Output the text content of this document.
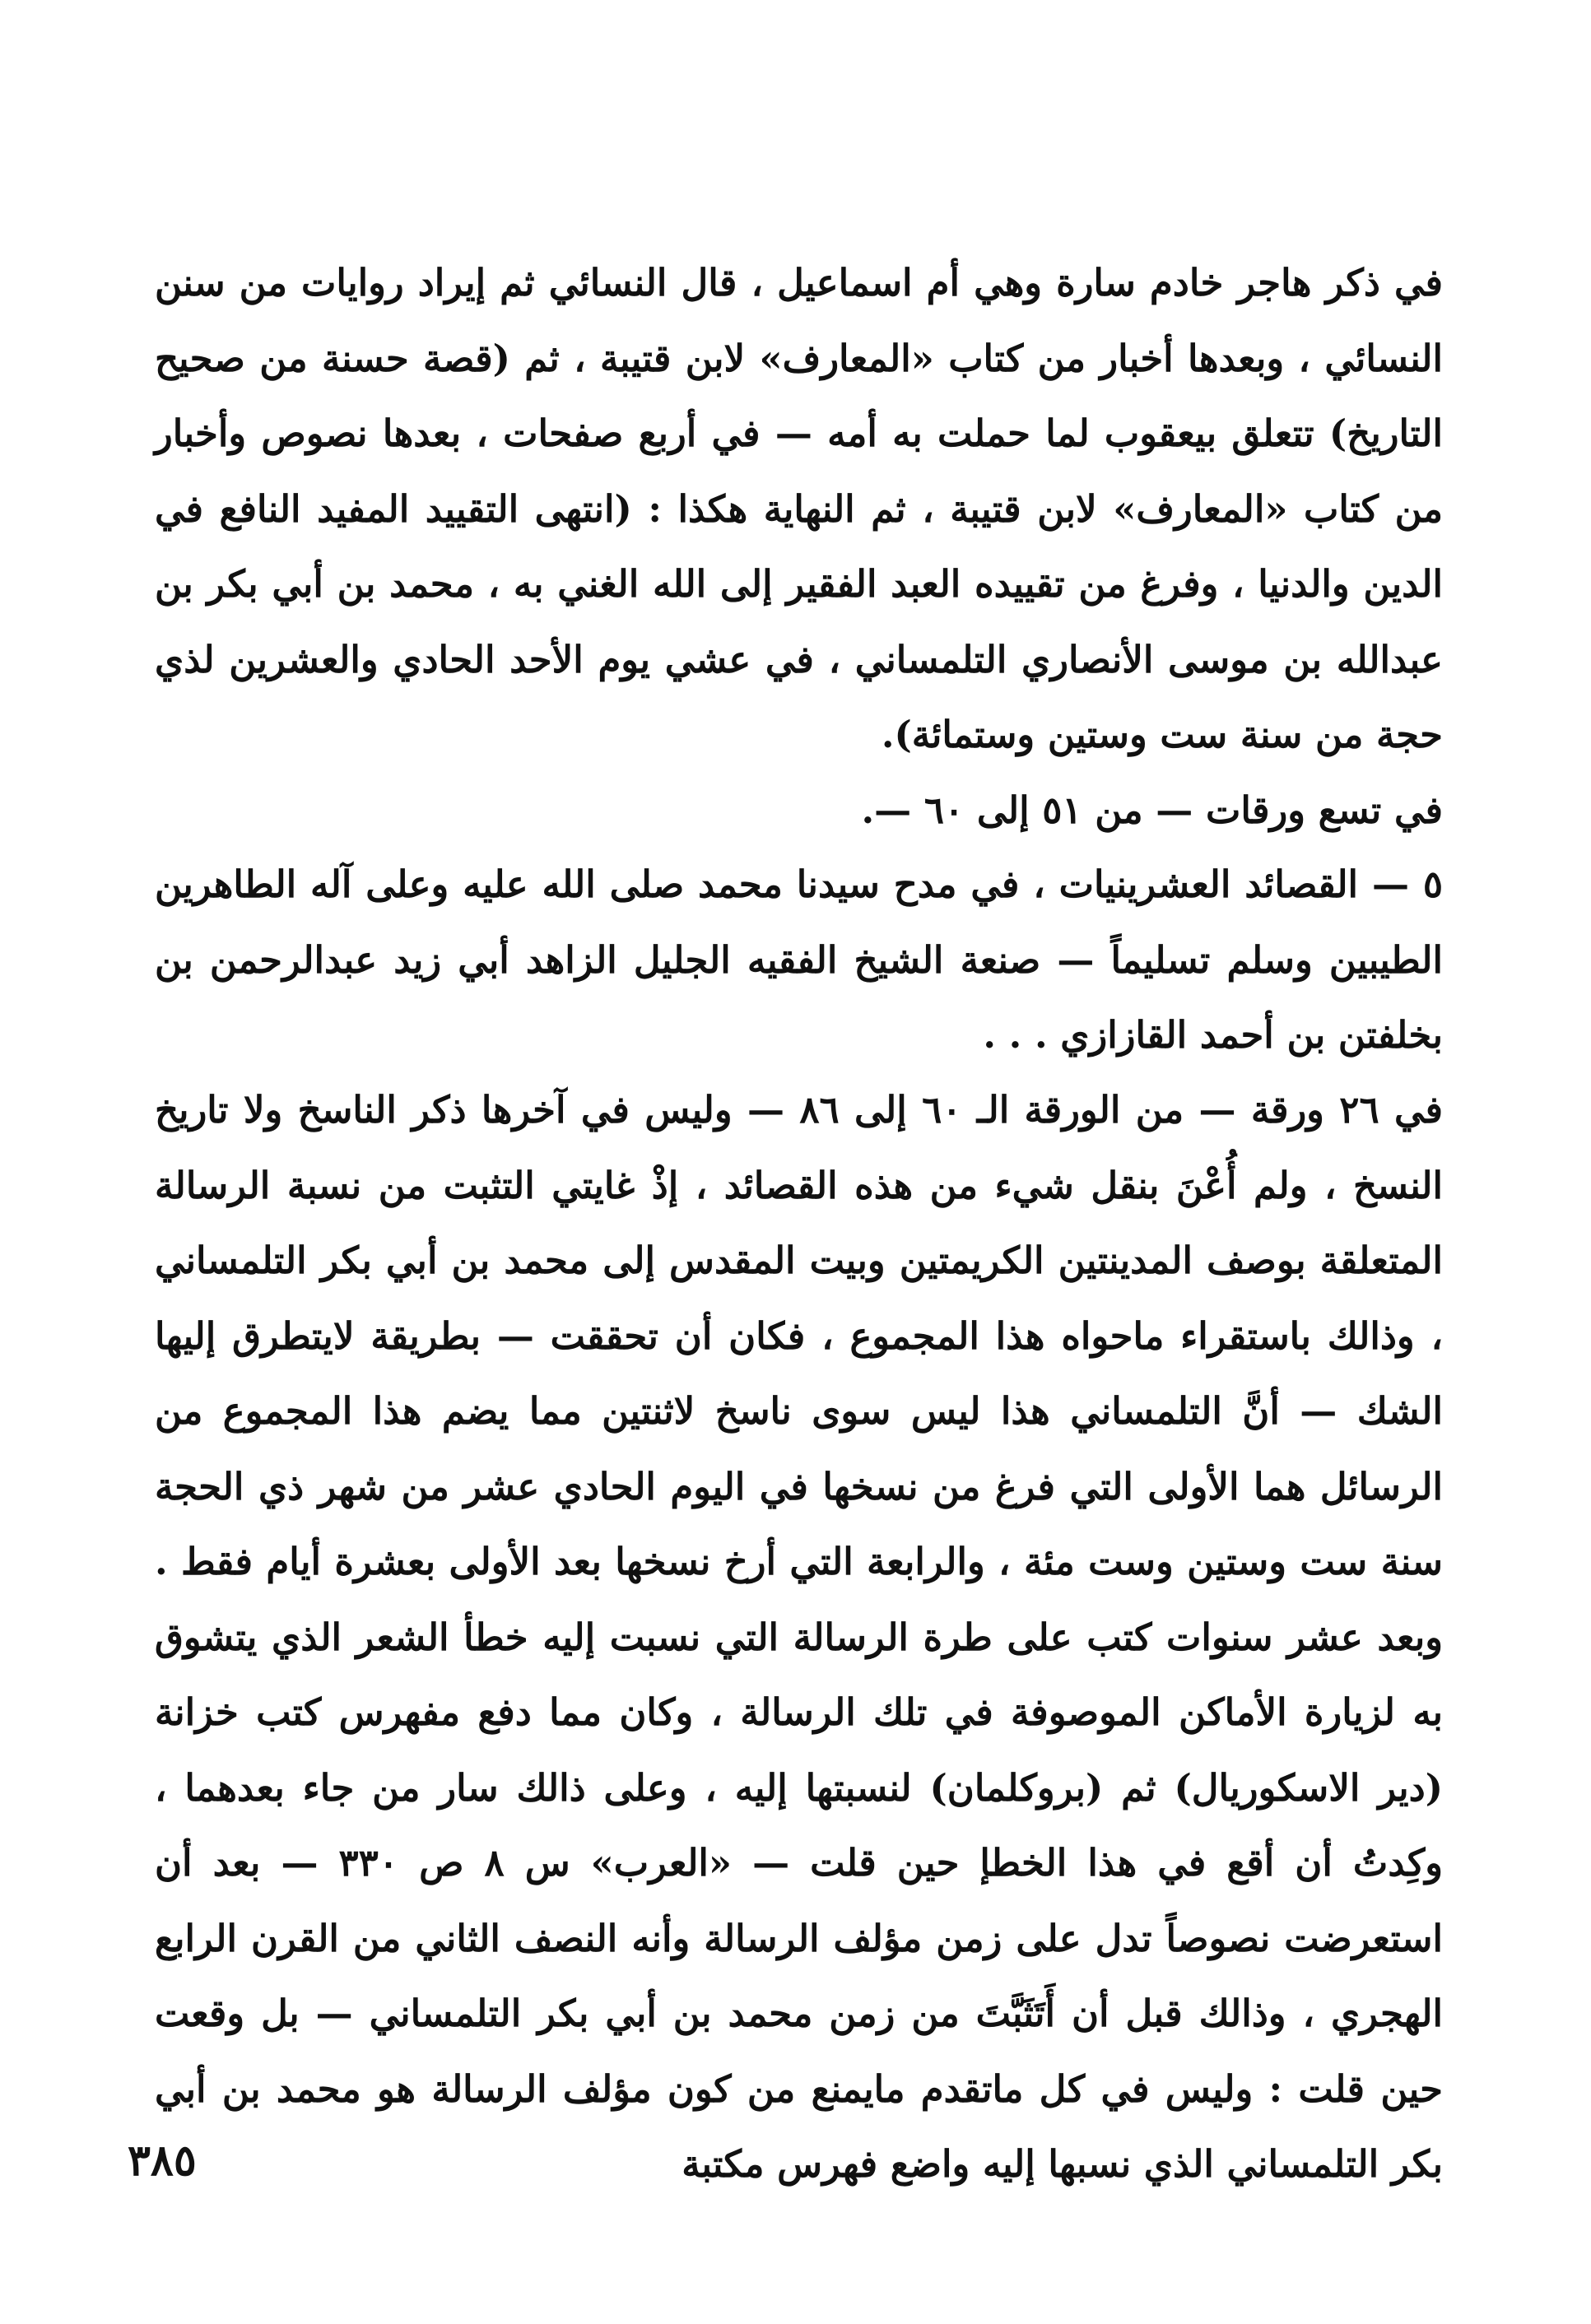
في ذكر هاجر خادم سارة وهي أم اسماعيل ، قال النسائي ثم إيراد روايات من سنن النسائي ، وبعدها أخبار من كتاب «المعارف» لابن قتيبة ، ثم (قصة حسنة من صحيح التاريخ) تتعلق بيعقوب لما حملت به أمه — في أربع صفحات ، بعدها نصوص وأخبار من كتاب «المعارف» لابن قتيبة ، ثم النهاية هكذا : (انتهى التقييد المفيد النافع في الدين والدنيا ، وفرغ من تقييده العبد الفقير إلى الله الغني به ، محمد بن أبي بكر بن عبدالله بن موسى الأنصاري التلمساني ، في عشي يوم الأحد الحادي والعشرين لذي حجة من سنة ست وستين وستمائة).

في تسع ورقات — من ٥١ إلى ٦٠ —.

٥ — القصائد العشرينيات ، في مدح سيدنا محمد صلى الله عليه وعلى آله الطاهرين الطيبين وسلم تسليماً — صنعة الشيخ الفقيه الجليل الزاهد أبي زيد عبدالرحمن بن بخلفتن بن أحمد القازازي . . .

في ٢٦ ورقة — من الورقة الـ ٦٠ إلى ٨٦ — وليس في آخرها ذكر الناسخ ولا تاريخ النسخ ، ولم أُعْنَ بنقل شيء من هذه القصائد ، إذْ غايتي التثبت من نسبة الرسالة المتعلقة بوصف المدينتين الكريمتين وبيت المقدس إلى محمد بن أبي بكر التلمساني ، وذالك باستقراء ماحواه هذا المجموع ، فكان أن تحققت — بطريقة لايتطرق إليها الشك — أنَّ التلمساني هذا ليس سوى ناسخ لاثنتين مما يضم هذا المجموع من الرسائل هما الأولى التي فرغ من نسخها في اليوم الحادي عشر من شهر ذي الحجة سنة ست وستين وست مئة ، والرابعة التي أرخ نسخها بعد الأولى بعشرة أيام فقط . وبعد عشر سنوات كتب على طرة الرسالة التي نسبت إليه خطأ الشعر الذي يتشوق به لزيارة الأماكن الموصوفة في تلك الرسالة ، وكان مما دفع مفهرس كتب خزانة (دير الاسكوريال) ثم (بروكلمان) لنسبتها إليه ، وعلى ذالك سار من جاء بعدهما ، وكِدتُ أن أقع في هذا الخطإ حين قلت — «العرب» س ٨ ص ٣٣٠ — بعد أن استعرضت نصوصاً تدل على زمن مؤلف الرسالة وأنه النصف الثاني من القرن الرابع الهجري ، وذالك قبل أن أَتَثَبَّتَ من زمن محمد بن أبي بكر التلمساني — بل وقعت حين قلت : وليس في كل ماتقدم مايمنع من كون مؤلف الرسالة هو محمد بن أبي بكر التلمساني الذي نسبها إليه واضع فهرس مكتبة

٣٨٥
